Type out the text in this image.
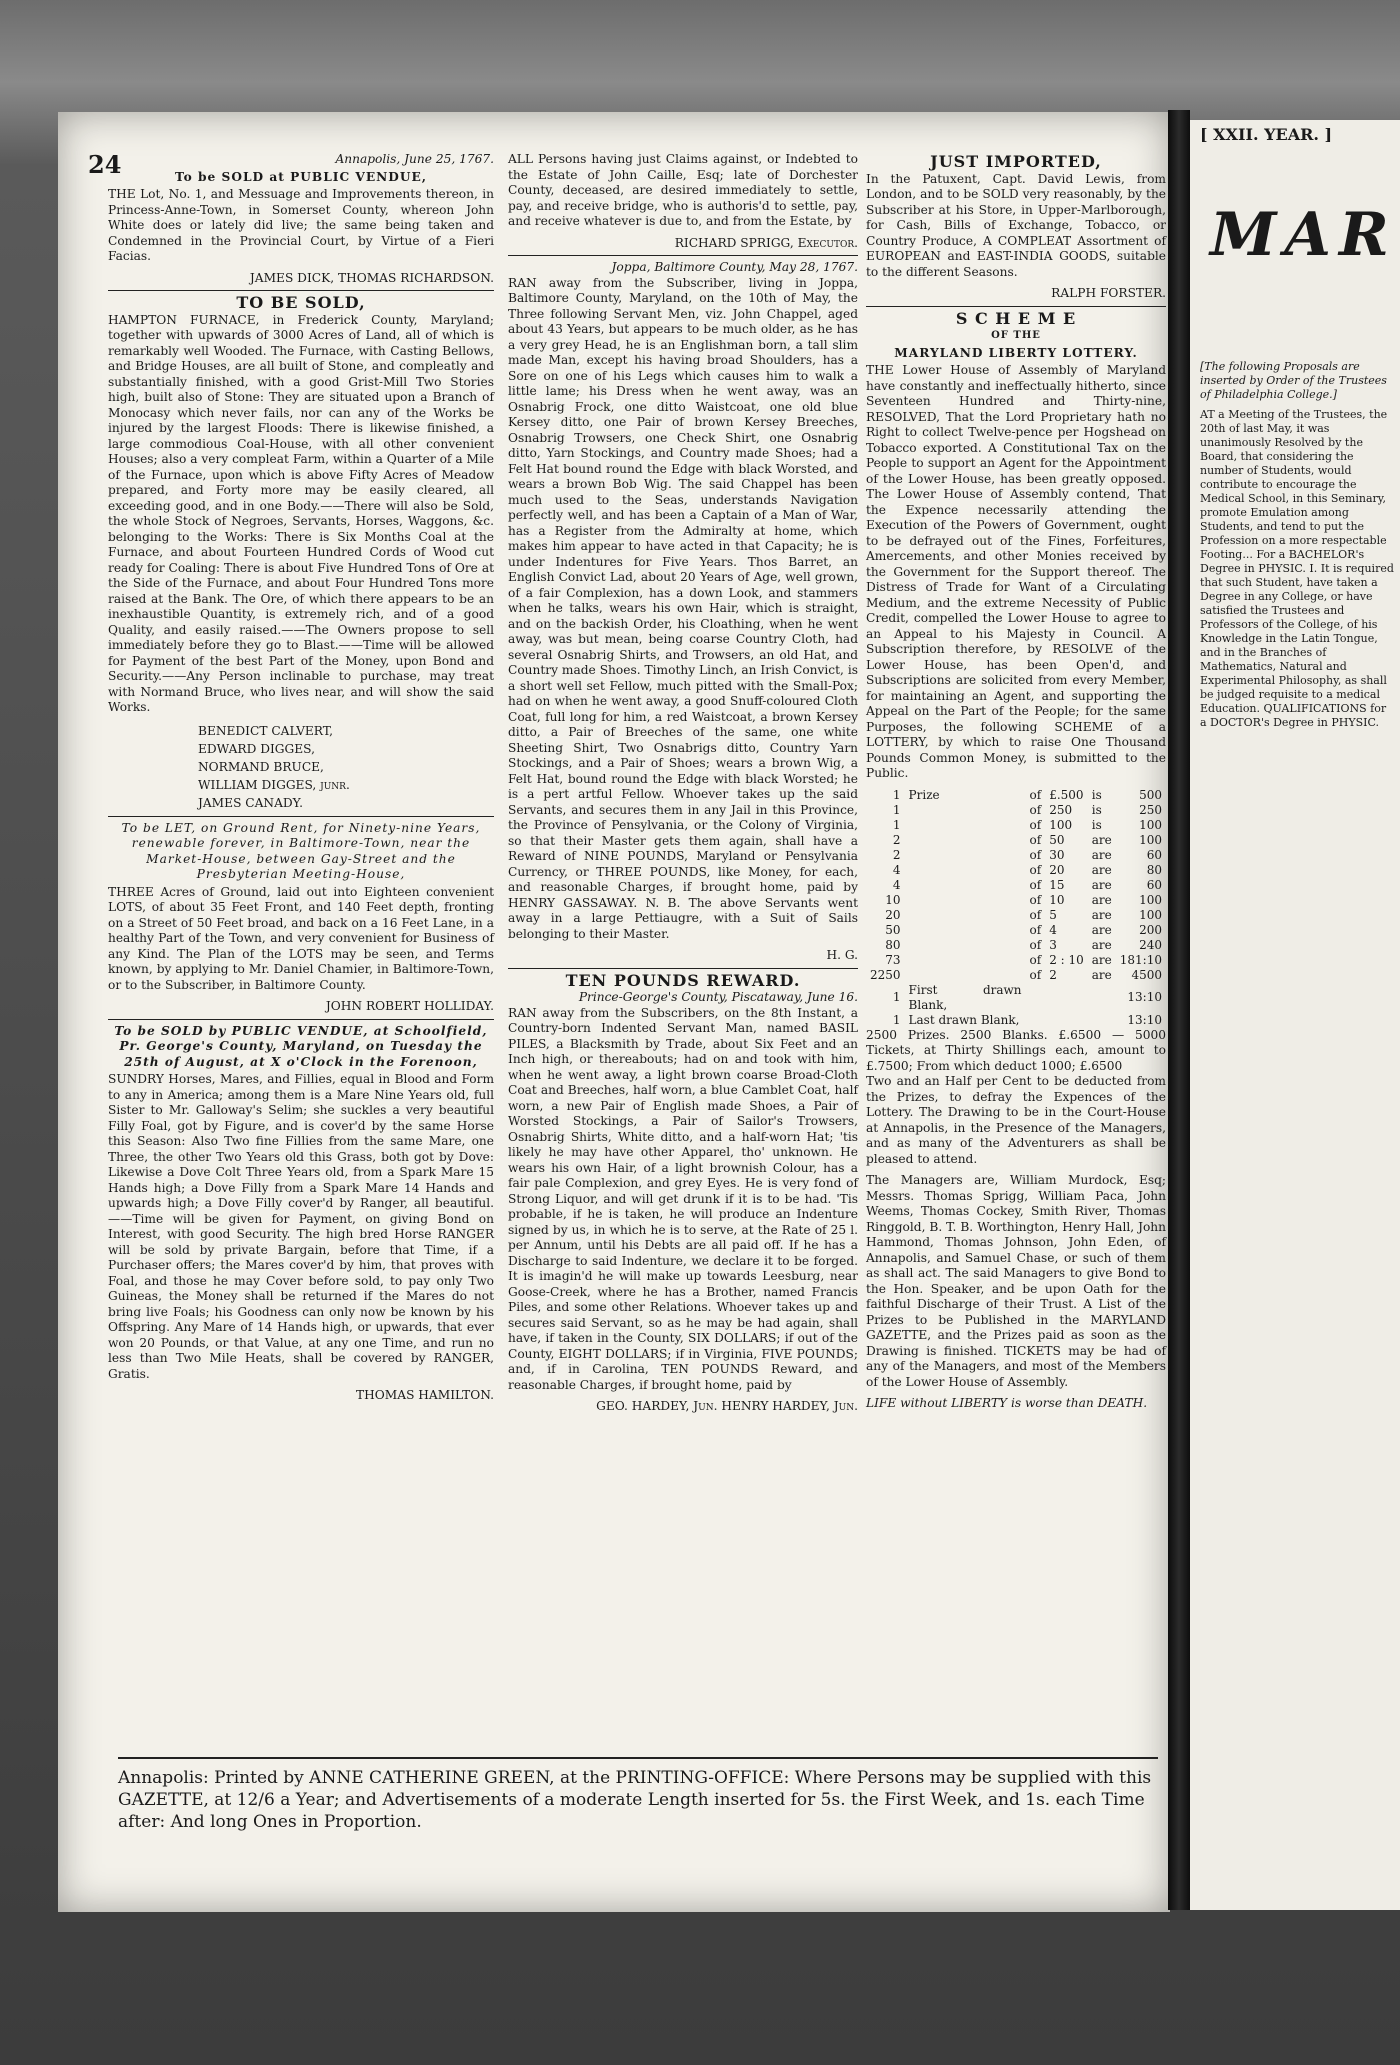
24	Annapolis, June 25, 1767.
To be SOLD at PUBLIC VENDUE,

THE Lot, No. 1, and Messuage and Improvements thereon, in Princess-Anne-Town, in Somerset County, whereon John White does or lately did live; the same being taken and Condemned in the Provincial Court, by Virtue of a Fieri Facias.

JAMES DICK, THOMAS RICHARDSON.
TO BE SOLD,

HAMPTON FURNACE, in Frederick County, Maryland; together with upwards of 3000 Acres of Land, all of which is remarkably well Wooded. The Furnace, with Casting Bellows, and Bridge Houses, are all built of Stone, and compleatly and substantially finished, with a good Grist-Mill Two Stories high, built also of Stone: They are situated upon a Branch of Monocasy which never fails, nor can any of the Works be injured by the largest Floods: There is likewise finished, a large commodious Coal-House, with all other convenient Houses; also a very compleat Farm, within a Quarter of a Mile of the Furnace, upon which is above Fifty Acres of Meadow prepared, and Forty more may be easily cleared, all exceeding good, and in one Body.——There will also be Sold, the whole Stock of Negroes, Servants, Horses, Waggons, &c. belonging to the Works: There is Six Months Coal at the Furnace, and about Fourteen Hundred Cords of Wood cut ready for Coaling: There is about Five Hundred Tons of Ore at the Side of the Furnace, and about Four Hundred Tons more raised at the Bank. The Ore, of which there appears to be an inexhaustible Quantity, is extremely rich, and of a good Quality, and easily raised.——The Owners propose to sell immediately before they go to Blast.——Time will be allowed for Payment of the best Part of the Money, upon Bond and Security.——Any Person inclinable to purchase, may treat with Normand Bruce, who lives near, and will show the said Works.

BENEDICT CALVERT,
EDWARD DIGGES,
NORMAND BRUCE,
WILLIAM DIGGES, junr.
JAMES CANADY.
To be LET, on Ground Rent, for Ninety-nine Years, renewable forever, in Baltimore-Town, near the Market-House, between Gay-Street and the Presbyterian Meeting-House,

THREE Acres of Ground, laid out into Eighteen convenient LOTS, of about 35 Feet Front, and 140 Feet depth, fronting on a Street of 50 Feet broad, and back on a 16 Feet Lane, in a healthy Part of the Town, and very convenient for Business of any Kind. The Plan of the LOTS may be seen, and Terms known, by applying to Mr. Daniel Chamier, in Baltimore-Town, or to the Subscriber, in Baltimore County.

JOHN ROBERT HOLLIDAY.
To be SOLD by PUBLIC VENDUE, at Schoolfield, Pr. George's County, Maryland, on Tuesday the 25th of August, at X o'Clock in the Forenoon,

SUNDRY Horses, Mares, and Fillies, equal in Blood and Form to any in America; among them is a Mare Nine Years old, full Sister to Mr. Galloway's Selim; she suckles a very beautiful Filly Foal, got by Figure, and is cover'd by the same Horse this Season: Also Two fine Fillies from the same Mare, one Three, the other Two Years old this Grass, both got by Dove: Likewise a Dove Colt Three Years old, from a Spark Mare 15 Hands high; a Dove Filly from a Spark Mare 14 Hands and upwards high; a Dove Filly cover'd by Ranger, all beautiful.——Time will be given for Payment, on giving Bond on Interest, with good Security. The high bred Horse RANGER will be sold by private Bargain, before that Time, if a Purchaser offers; the Mares cover'd by him, that proves with Foal, and those he may Cover before sold, to pay only Two Guineas, the Money shall be returned if the Mares do not bring live Foals; his Goodness can only now be known by his Offspring. Any Mare of 14 Hands high, or upwards, that ever won 20 Pounds, or that Value, at any one Time, and run no less than Two Mile Heats, shall be covered by RANGER, Gratis.

THOMAS HAMILTON.

ALL Persons having just Claims against, or Indebted to the Estate of John Caille, Esq; late of Dorchester County, deceased, are desired immediately to settle, pay, and receive bridge, who is authoris'd to settle, pay, and receive whatever is due to, and from the Estate, by

RICHARD SPRIGG, Executor.
Joppa, Baltimore County, May 28, 1767.

RAN away from the Subscriber, living in Joppa, Baltimore County, Maryland, on the 10th of May, the Three following Servant Men, viz. John Chappel, aged about 43 Years, but appears to be much older, as he has a very grey Head, he is an Englishman born, a tall slim made Man, except his having broad Shoulders, has a Sore on one of his Legs which causes him to walk a little lame; his Dress when he went away, was an Osnabrig Frock, one ditto Waistcoat, one old blue Kersey ditto, one Pair of brown Kersey Breeches, Osnabrig Trowsers, one Check Shirt, one Osnabrig ditto, Yarn Stockings, and Country made Shoes; had a Felt Hat bound round the Edge with black Worsted, and wears a brown Bob Wig. The said Chappel has been much used to the Seas, understands Navigation perfectly well, and has been a Captain of a Man of War, has a Register from the Admiralty at home, which makes him appear to have acted in that Capacity; he is under Indentures for Five Years. Thos Barret, an English Convict Lad, about 20 Years of Age, well grown, of a fair Complexion, has a down Look, and stammers when he talks, wears his own Hair, which is straight, and on the backish Order, his Cloathing, when he went away, was but mean, being coarse Country Cloth, had several Osnabrig Shirts, and Trowsers, an old Hat, and Country made Shoes. Timothy Linch, an Irish Convict, is a short well set Fellow, much pitted with the Small-Pox; had on when he went away, a good Snuff-coloured Cloth Coat, full long for him, a red Waistcoat, a brown Kersey ditto, a Pair of Breeches of the same, one white Sheeting Shirt, Two Osnabrigs ditto, Country Yarn Stockings, and a Pair of Shoes; wears a brown Wig, a Felt Hat, bound round the Edge with black Worsted; he is a pert artful Fellow. Whoever takes up the said Servants, and secures them in any Jail in this Province, the Province of Pensylvania, or the Colony of Virginia, so that their Master gets them again, shall have a Reward of NINE POUNDS, Maryland or Pensylvania Currency, or THREE POUNDS, like Money, for each, and reasonable Charges, if brought home, paid by HENRY GASSAWAY. N. B. The above Servants went away in a large Pettiaugre, with a Suit of Sails belonging to their Master.

H. G.
TEN POUNDS REWARD.
Prince-George's County, Piscataway, June 16.

RAN away from the Subscribers, on the 8th Instant, a Country-born Indented Servant Man, named BASIL PILES, a Blacksmith by Trade, about Six Feet and an Inch high, or thereabouts; had on and took with him, when he went away, a light brown coarse Broad-Cloth Coat and Breeches, half worn, a blue Camblet Coat, half worn, a new Pair of English made Shoes, a Pair of Worsted Stockings, a Pair of Sailor's Trowsers, Osnabrig Shirts, White ditto, and a half-worn Hat; 'tis likely he may have other Apparel, tho' unknown. He wears his own Hair, of a light brownish Colour, has a fair pale Complexion, and grey Eyes. He is very fond of Strong Liquor, and will get drunk if it is to be had. 'Tis probable, if he is taken, he will produce an Indenture signed by us, in which he is to serve, at the Rate of 25 l. per Annum, until his Debts are all paid off. If he has a Discharge to said Indenture, we declare it to be forged. It is imagin'd he will make up towards Leesburg, near Goose-Creek, where he has a Brother, named Francis Piles, and some other Relations. Whoever takes up and secures said Servant, so as he may be had again, shall have, if taken in the County, SIX DOLLARS; if out of the County, EIGHT DOLLARS; if in Virginia, FIVE POUNDS; and, if in Carolina, TEN POUNDS Reward, and reasonable Charges, if brought home, paid by

GEO. HARDEY, Jun. HENRY HARDEY, Jun.
JUST IMPORTED,

In the Patuxent, Capt. David Lewis, from London, and to be SOLD very reasonably, by the Subscriber at his Store, in Upper-Marlborough, for Cash, Bills of Exchange, Tobacco, or Country Produce, A COMPLEAT Assortment of EUROPEAN and EAST-INDIA GOODS, suitable to the different Seasons.

RALPH FORSTER.
S C H E M E
OF THE
MARYLAND LIBERTY LOTTERY.

THE Lower House of Assembly of Maryland have constantly and ineffectually hitherto, since Seventeen Hundred and Thirty-nine, RESOLVED, That the Lord Proprietary hath no Right to collect Twelve-pence per Hogshead on Tobacco exported. A Constitutional Tax on the People to support an Agent for the Appointment of the Lower House, has been greatly opposed. The Lower House of Assembly contend, That the Expence necessarily attending the Execution of the Powers of Government, ought to be defrayed out of the Fines, Forfeitures, Amercements, and other Monies received by the Government for the Support thereof. The Distress of Trade for Want of a Circulating Medium, and the extreme Necessity of Public Credit, compelled the Lower House to agree to an Appeal to his Majesty in Council. A Subscription therefore, by RESOLVE of the Lower House, has been Open'd, and Subscriptions are solicited from every Member, for maintaining an Agent, and supporting the Appeal on the Part of the People; for the same Purposes, the following SCHEME of a LOTTERY, by which to raise One Thousand Pounds Common Money, is submitted to the Public.

1	Prize	of	£.500	is	500
1		of	250	is	250
1		of	100	is	100
2		of	50	are	100
2		of	30	are	60
4		of	20	are	80
4		of	15	are	60
10		of	10	are	100
20		of	5	are	100
50		of	4	are	200
80		of	3	are	240
73		of	2 : 10	are	181:10
2250		of	2	are	4500
1	First drawn Blank,				13:10
1	Last drawn Blank,				13:10
2500 Prizes. 2500 Blanks. £.6500 — 5000 Tickets, at Thirty Shillings each, amount to £.7500; From which deduct 1000; £.6500

Two and an Half per Cent to be deducted from the Prizes, to defray the Expences of the Lottery. The Drawing to be in the Court-House at Annapolis, in the Presence of the Managers, and as many of the Adventurers as shall be pleased to attend.

The Managers are, William Murdock, Esq; Messrs. Thomas Sprigg, William Paca, John Weems, Thomas Cockey, Smith River, Thomas Ringgold, B. T. B. Worthington, Henry Hall, John Hammond, Thomas Johnson, John Eden, of Annapolis, and Samuel Chase, or such of them as shall act. The said Managers to give Bond to the Hon. Speaker, and be upon Oath for the faithful Discharge of their Trust. A List of the Prizes to be Published in the MARYLAND GAZETTE, and the Prizes paid as soon as the Drawing is finished. TICKETS may be had of any of the Managers, and most of the Members of the Lower House of Assembly.

LIFE without LIBERTY is worse than DEATH.

Annapolis: Printed by ANNE CATHERINE GREEN, at the PRINTING-OFFICE: Where Persons may be supplied with this GAZETTE, at 12/6 a Year; and Advertisements of a moderate Length inserted for 5s. the First Week, and 1s. each Time after: And long Ones in Proportion.
[ XXII. YEAR. ]
MAR

[The following Proposals are inserted by Order of the Trustees of Philadelphia College.]

AT a Meeting of the Trustees, the 20th of last May, it was unanimously Resolved by the Board, that considering the number of Students, would contribute to encourage the Medical School, in this Seminary, promote Emulation among Students, and tend to put the Profession on a more respectable Footing... For a BACHELOR's Degree in PHYSIC. I. It is required that such Student, have taken a Degree in any College, or have satisfied the Trustees and Professors of the College, of his Knowledge in the Latin Tongue, and in the Branches of Mathematics, Natural and Experimental Philosophy, as shall be judged requisite to a medical Education. QUALIFICATIONS for a DOCTOR's Degree in PHYSIC.
